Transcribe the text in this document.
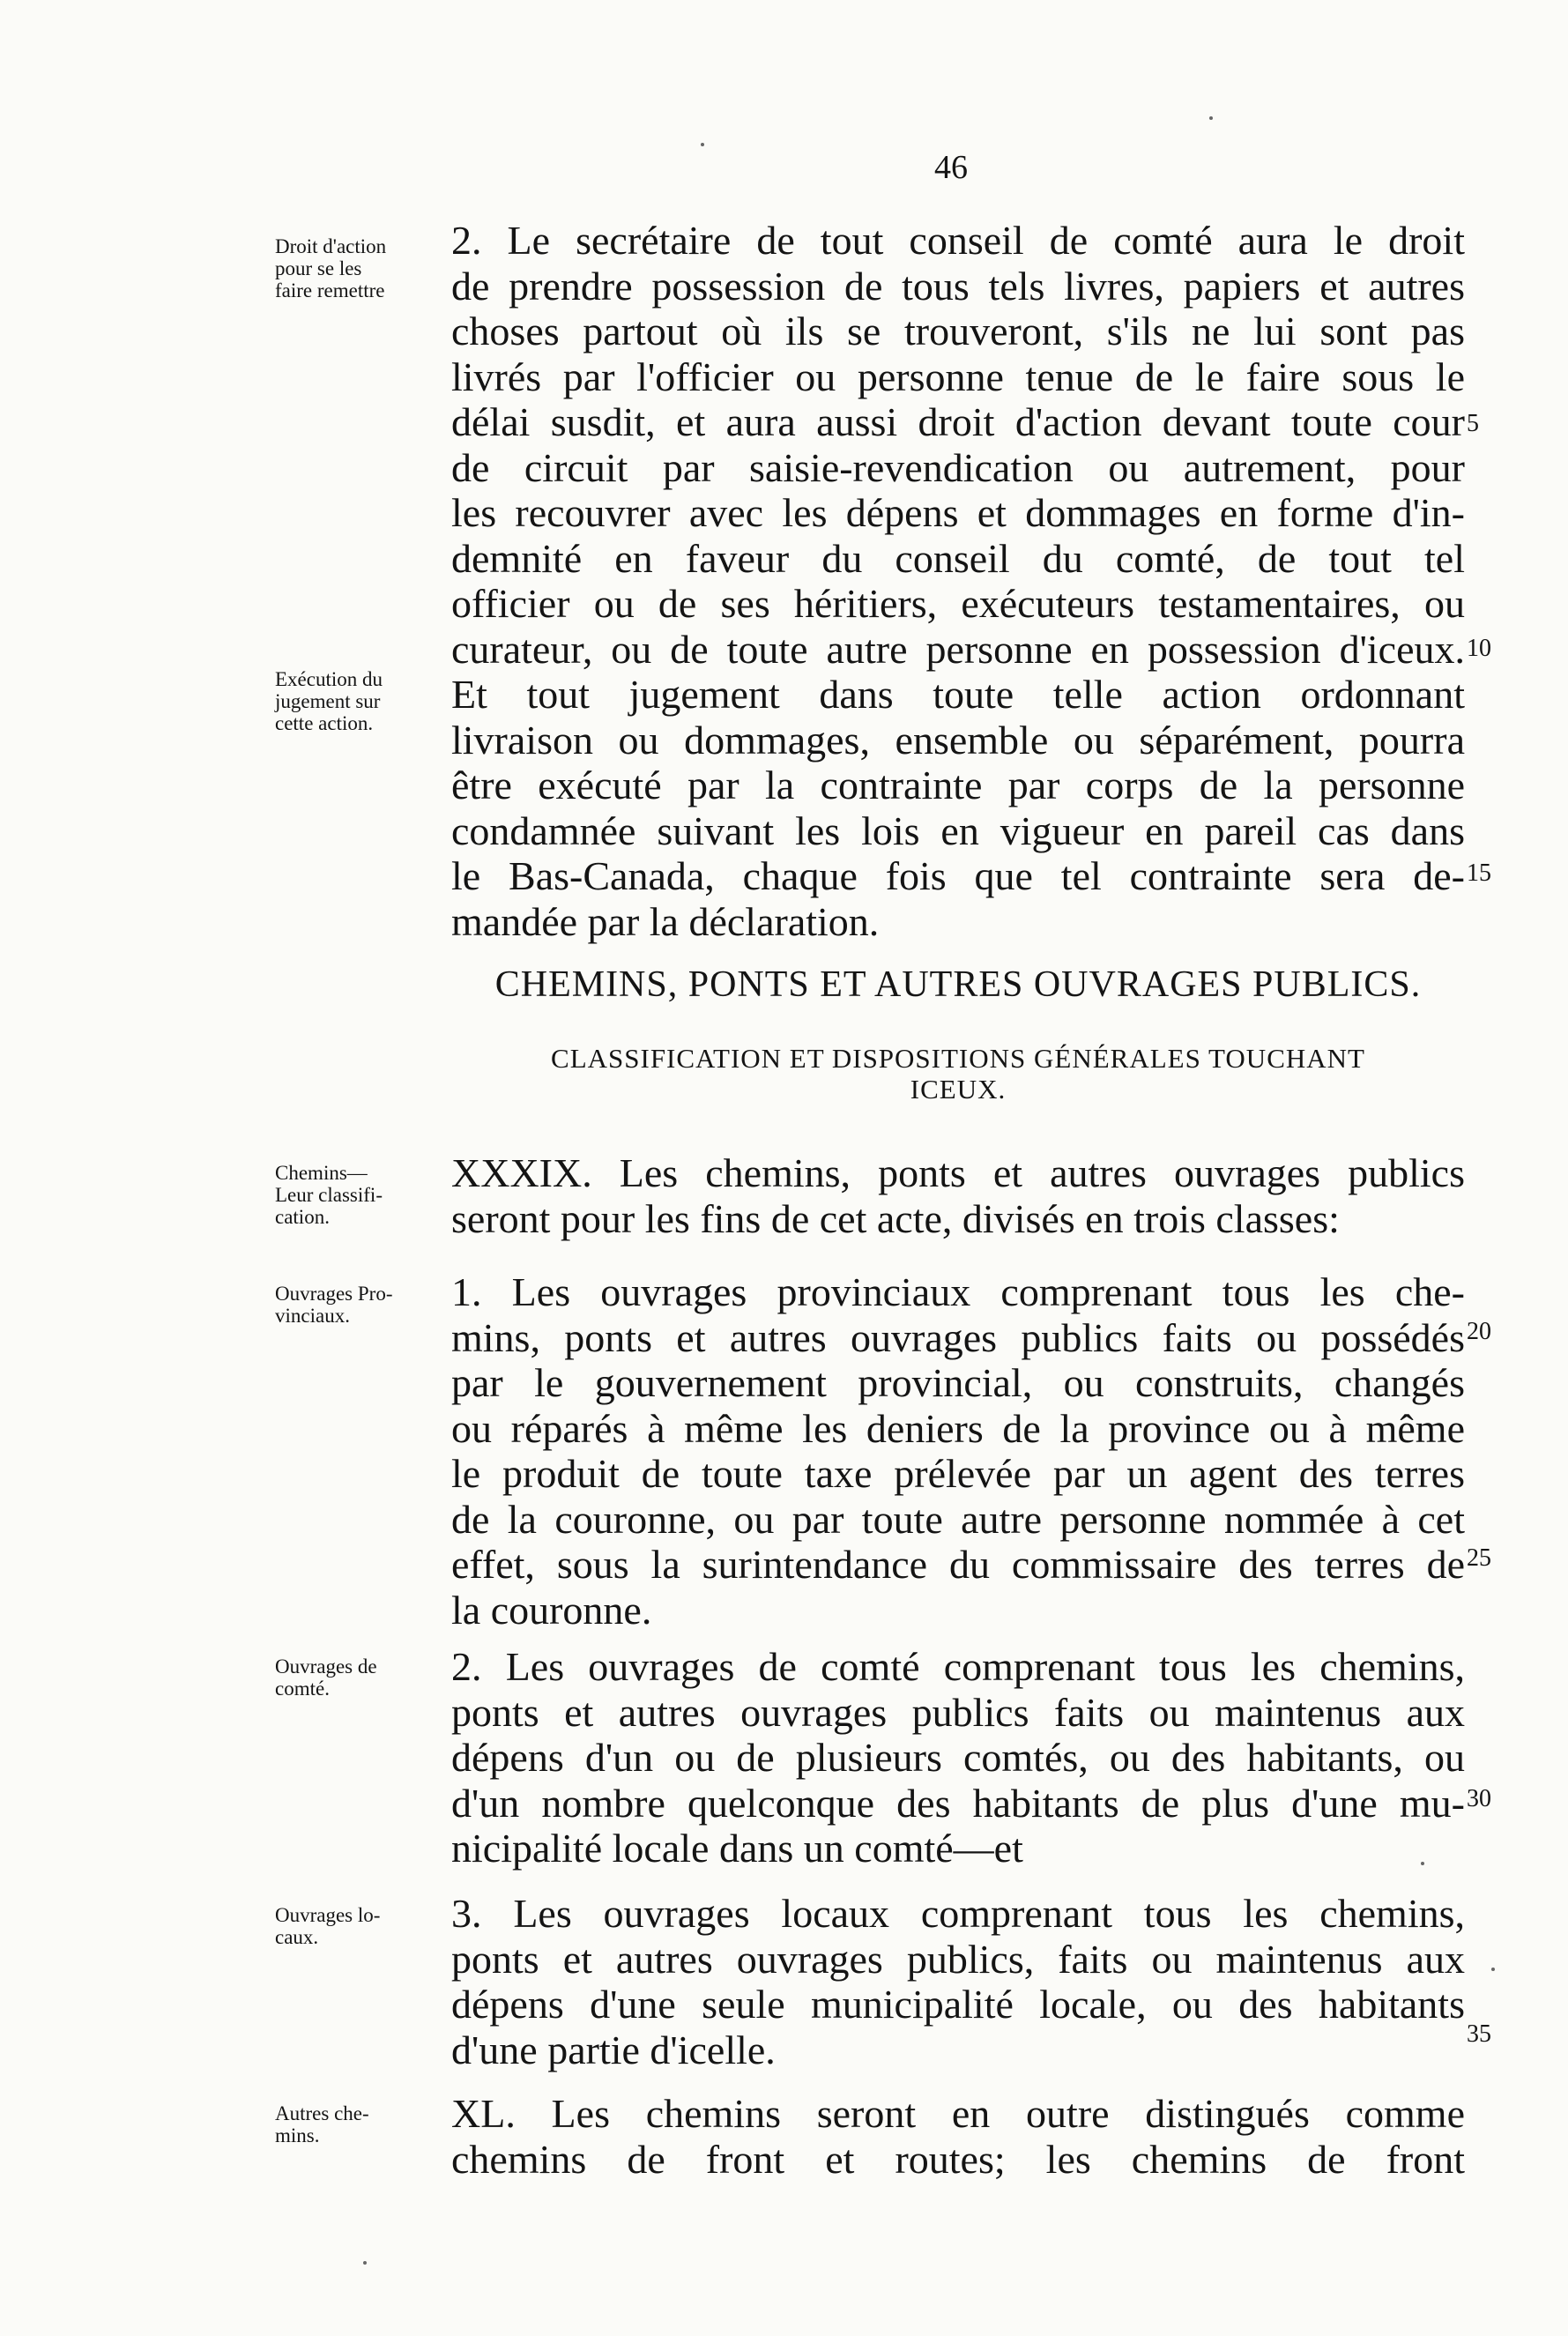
46
2. Le secrétaire de tout conseil de comté aura le droit
de prendre possession de tous tels livres, papiers et autres
choses partout où ils se trouveront, s'ils ne lui sont pas
livrés par l'officier ou personne tenue de le faire sous le
délai susdit, et aura aussi droit d'action devant toute cour
de circuit par saisie-revendication ou autrement, pour
les recouvrer avec les dépens et dommages en forme d'in-
demnité en faveur du conseil du comté, de tout tel
officier ou de ses héritiers, exécuteurs testamentaires, ou
curateur, ou de toute autre personne en possession d'iceux.
Et tout jugement dans toute telle action ordonnant
livraison ou dommages, ensemble ou séparément, pourra
être exécuté par la contrainte par corps de la personne
condamnée suivant les lois en vigueur en pareil cas dans
le Bas-Canada, chaque fois que tel contrainte sera de-
mandée par la déclaration.
CHEMINS, PONTS ET AUTRES OUVRAGES PUBLICS.
CLASSIFICATION ET DISPOSITIONS GÉNÉRALES TOUCHANT
ICEUX.
XXXIX. Les chemins, ponts et autres ouvrages publics
seront pour les fins de cet acte, divisés en trois classes:
1. Les ouvrages provinciaux comprenant tous les che-
mins, ponts et autres ouvrages publics faits ou possédés
par le gouvernement provincial, ou construits, changés
ou réparés à même les deniers de la province ou à même
le produit de toute taxe prélevée par un agent des terres
de la couronne, ou par toute autre personne nommée à cet
effet, sous la surintendance du commissaire des terres de
la couronne.
2. Les ouvrages de comté comprenant tous les chemins,
ponts et autres ouvrages publics faits ou maintenus aux
dépens d'un ou de plusieurs comtés, ou des habitants, ou
d'un nombre quelconque des habitants de plus d'une mu-
nicipalité locale dans un comté—et
3. Les ouvrages locaux comprenant tous les chemins,
ponts et autres ouvrages publics, faits ou maintenus aux
dépens d'une seule municipalité locale, ou des habitants
d'une partie d'icelle.
XL. Les chemins seront en outre distingués comme
chemins de front et routes; les chemins de front
Droit d'action
pour se les
faire remettre
Exécution du
jugement sur
cette action.
Chemins—
Leur classifi-
cation.
Ouvrages Pro-
vinciaux.
Ouvrages de
comté.
Ouvrages lo-
caux.
Autres che-
mins.
5
10
15
20
25
30
35
